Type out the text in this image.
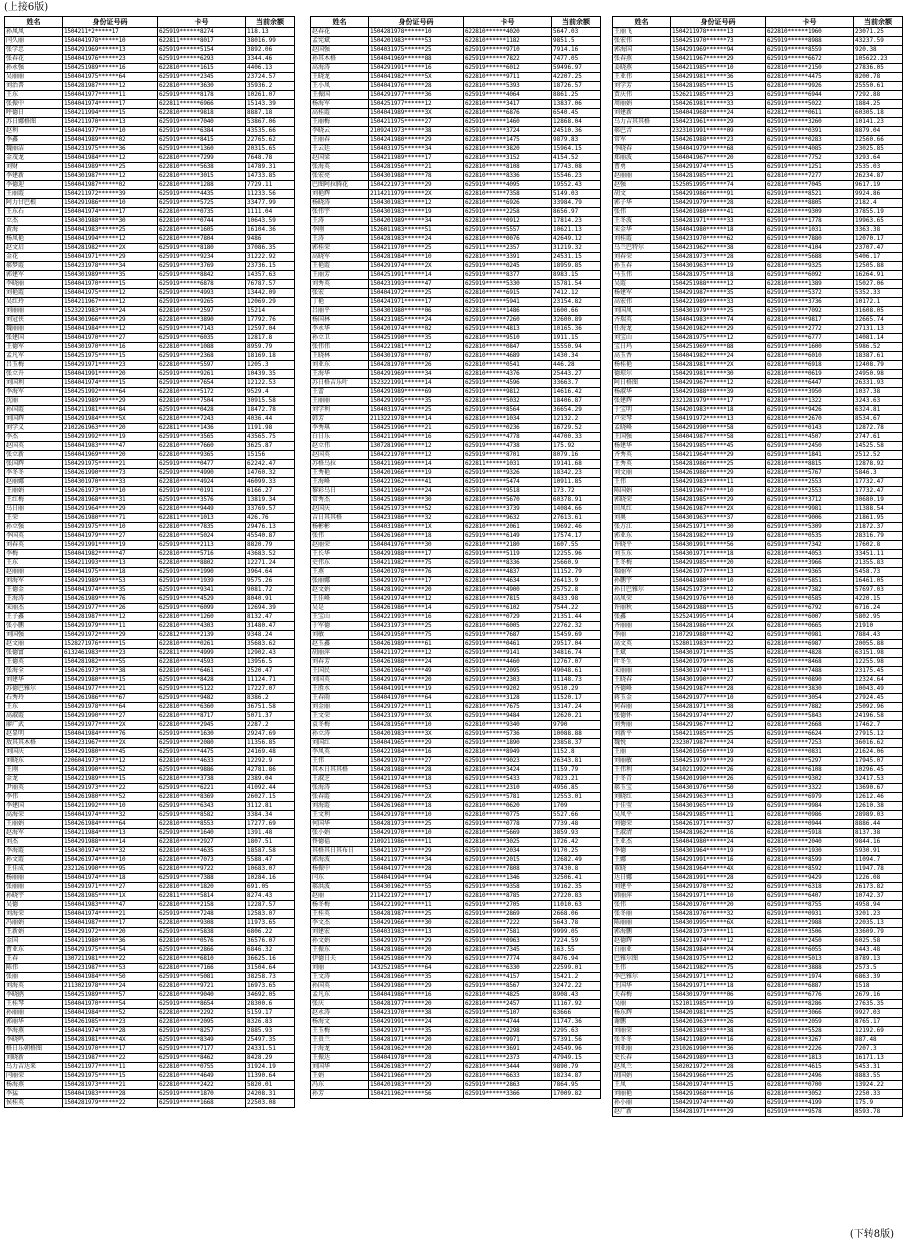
(上接6版)
姓名	身份证号码	卡号	当前余额
孙凤凤	1504211*2*****17	625919******8274	118.13
闫久丽	1504041978******10	622811******8017	38016.99
张学忠	1504291969******13	625919******5154	3892.06
张春花	1504041976******23	625919******6293	3344.46
孙永强	1504251989******16	622810******1615	4406.13
吴丽丽	1504041975******64	625919******2345	23724.57
刘治普	1504281987******12	622810******3630	35936.2
王东	1504041977******11	625919******8178	10261.07
张振中	1504041974******17	622811******6966	15143.39
呼德日	1504211994******15	622810******9818	8887.18
苏日娜格图	1504211970******13	625919******7040	53867.06
赵利	1504041977******10	625919******6384	43535.66
李鑫	1504041989******02	625919******8415	22765.62
魏丽洁	1504231975******36	625919******1360	20315.65
金茂龙	1504041984******12	622810******7299	7648.78
刘财	1504041989******25	622810******5638	14789.31
李建新	1504301987******12	622810******3015	14733.85
李德迎	1504041987******02	622810******1288	7729.11
王丽霞	1504211972******39	625919******4435	11233.56
阿力甘巴根	1504291986******10	625919******5725	33477.99
王东石	1504041974******17	622810******0735	1111.04
立杰	1504301988******30	622810******0744	10643.59
黄海	1504041983******25	622810******1605	16104.36
杨凤艳	1504041994******12	622810******7804	9486
赵文启	1504281982******2X	625919******8180	37086.35
金花	1504041971******29	625919******9234	31222.92
郝梦霞	1504231978******34	625919******3769	23736.15
郭建军	1504301989******35	625919******8842	14357.63
李晓丽	1504041970******15	625919******6878	76787.57
刘艳霞	1504041975******12	625919******4993	13442.09
吴红玲	1504211967******12	625919******9265	12069.29
刘丽丽	1523221983******24	622810******2597	15214
刘冠侠	1504301966******29	622810******3890	17792.76
魏丽丽	1504041984******12	625919******7143	12597.04
张建国	1504041970******27	625919******6035	12817.8
王德军	1504301970******16	622810******1088	8959.79
孟凡军	1504251975******15	625919******2368	18169.18
吕玉梅	1504291971******23	622810******5597	1205.3
张立升	1504041991******20	625919******9261	10439.35
刘国利	1504041974******15	625919******7654	12122.53
李海军	1504251992******64	622810******5172	9529.4
沈丽	1504291989******29	622810******7504	30915.58
孙国霞	1504211981******84	625919******0428	18472.78
刘国辉	1504291984******5X	622810******7243	4036.44
刘学义	2102261963******20	622811******1436	1191.98
李杰	1504291992******19	625919******3565	43565.75
赵国英	1504041983******47	622810******7660	3625.87
张立新	1504041969******20	622810******9365	15156
张国辉	1504291975******21	625919******0477	62242.47
李冬冬	1504261990******73	625919******4990	14760.32
赵丽娜	1504301970******33	622810******4924	46099.33
王丽娟	1504261973******10	625919******0191	6166.27
王红梅	1504281968******31	625919******3576	13819.34
乌日丽	1504291964******29	622810******9449	33769.57
王荣	1504261980******71	622811******1013	426.76
孙立强	1504291975******10	622810******7835	29476.13
李国英	1504041979******27	622810******5024	45540.87
刘春英	1504291991******19	625919******2113	8820.79
李梅	1504041982******47	622810******5716	43683.52
王东	1504211993******13	622810******8802	12271.24
赵丽丽	1504041975******18	625919******1990	3964.64
刘海军	1504291989******53	625919******1939	9575.26
王德金	1504041974******35	625919******9341	9081.72
王海涛	1504261989******76	625919******4529	8040.91
宋丽杰	1504291977******26	625919******6099	12694.39
王子鑫	1504281987******12	622810******1260	8132.47
张小鹏	1504291979******11	622810******4303	31480.47
刘国强	1504291972******29	622812******2139	9348.24
赵文丽	1528271976******15	622810******0261	35683.62
张德富	6132461983******23	622811******4999	12902.43
王德英	1504281982******55	622810******4593	13956.5
张海全	1504261973******38	622810******6461	2520.47
刘建华	1504291980******15	625919******8428	11124.71
苏德巴雅尔	1504041977******21	625919******5122	17227.07
石秀玲	1504261986******67	625919******9482	8386.2
王东	1504291978******64	622810******6360	36751.58
高淑霞	1504291990******27	622810******8717	5071.37
廖广武	1504291977******2X	622810******2945	2287.2
赵显明	1504041984******76	625919******1630	29247.69
敖其其木格	1504231967******2X	625919******2080	11356.85
刘国庆	1504291980******45	625919******4475	24169.48
刘晓东	2206041973******12	622810******4633	12292.9
王刚	1504281990******52	625919******9886	42781.86
金龙	1504221989******15	622810******3738	2389.04
尹丽英	1504291973******22	625919******6221	41092.44
李伟	1504261980******52	622810******8369	26027.15
李建国	1504211992******10	625919******6343	3112.81
高海荣	1504041974******32	625919******8582	3384.34
王丽娟	1504261984******64	622810******8553	17277.69
赵海军	1504211984******13	625919******1640	1391.48
刘杰	1504291988******14	622810******2927	1807.51
李海霞	1504301974******32	622810******4635	18587.58
孙文霞	1504261974******10	622810******7073	5588.47
王佳成	2321261990******95	622810******9722	10683.07
杨丽丽	1504041974******18	625919******7388	10284.16
张丽丽	1504291971******27	622810******1820	691.05
孙晓宇	1504281985******1X	622811******5814	8274.43
吴德	1504041983******47	622810******2158	12287.57
刘海荣	1504041974******21	625919******7248	12583.07
冯丽娟	1504041987******17	622810******9308	11973.65
王新娟	1504291972******20	625919******5838	6806.22
金国	1504211980******36	622810******0576	36576.07
曹亚东	1504291975******54	625919******2866	6846.32
王春	1307211981******22	622810******6810	36625.16
陈伟	1504231987******53	622810******7166	31504.64
张丽	1504041984******50	625919******5081	38258.73
刘海英	2113021978******24	622810******9721	16973.65
李晓鸥	1504251989******57	622810******9040	34692.05
王桂琴	1504041970******54	625919******8654	28300.6
孙丽丽	1504041984******52	622810******2292	5159.17
郭丽华	1504261985******23	622810******2095	8326.83
李海燕	1504041974******28	625919******8257	2885.93
李晓鸣	1504281981******4X	625919******8349	25497.35
格日乐朝格图	1504291970******17	625919******7177	24331.51
刘晓新	1504231987******22	625919******8462	8428.29
乌力吉达来	1504211977******11	622810******0755	31924.19
闫丽荣	1504291975******15	622810******4649	11390.64
杨海燕	1504281973******21	622810******2422	5820.01
李猛	1504041983******28	625919******1870	24208.31
侯桂英	1504281979******22	625919******1668	22503.08
姓名	身份证号码	卡号	当前余额
赵春花	1504281978******10	622810******4020	5647.03
孟宪斌	1504201983******53	622810******1182	9851.5
赵国强	1504031975******25	625919******9710	7914.16
孙其木格	1504041969******88	625919******7822	7477.05
高海涛	1504291991******16	625919******6012	59496.97
王晓龙	1504041982******5X	622810******9711	42207.25
王小凤	1504041976******28	622810******5393	18726.57
王振国	1504291977******36	625919******4064	8861.25
杨海军	1504251977******12	622810******3417	13837.06
高桂霞	1504041989******3X	622810******6876	6540.45
王丽梅	1504211975******27	625919******1460	12868.04
李晓云	2109241973******38	625919******3724	24510.36
王丽春	1504241980******29	622810******1475	9879.83
王云廷	1504031975******34	622810******3820	15964.15
赵国梁	1504211989******17	622810******3152	4154.52
张海英	1504281956******21	622810******8108	17743.08
张宏亮	1504301988******78	622810******8336	15546.23
巴图阿拉腾花	1504221973******29	625919******4095	19552.43
刘艳辉	2114211979******2X	622810******7358	5149.03
杨晓涛	1504301983******12	622810******6926	33984.79
张伟宇	1504301983******19	625919******2258	8656.97
王涛	1504201989******34	622810******0912	17814.23
李刚	1526011983******51	625919******5557	10621.13
王涛	1504281983******24	622810******0076	42649.12
郭桂荣	1504211970******25	625911******2357	31219.32
高晓军	1504281984******10	622810******3391	24531.15
王艳霞	1504291974******2X	625919******0245	18959.85
王丽芳	1504251991******14	625919******8377	8983.15
刘秀英	1504231993******47	625919******5330	15781.54
张宏	1504041972******25	622810******6915	7412.12
丁艳	1504241971******17	625919******5941	23154.82
吕丽平	1504301980******06	622810******1486	1600.66
杨国林	1504231985******24	625919******7260	32600.89
李永华	1504201974******02	625919******4813	10165.36
孙立卫	1504251990******35	622810******9510	1911.15
张伟伟	1504221981******12	622810******0847	15550.94
王晓林	1504301978******07	622810******4689	1430.34
刘亚东	1504281970******26	622810******0541	446.28
王海华	1504291969******34	622810******4376	25443.27
苏日格吉乐叶	1523221991******14	625919******4596	33663.7
王蕾	1504291989******69	625919******9812	14616.42
王丽丽	1504291995******35	622810******5032	18406.87
刘学利	1504031974******25	625919******8564	36654.29
韩芳	2113221978******14	622810******1034	12132.2
李秀琪	1504251996******21	625919******0236	16729.52
白日乐	1504211994******16	625919******4778	44700.33
赵立伟	1307281996******12	625919******4738	175.92
赵国英	1504221970******12	625919******8701	8079.16
苏格乌拉	1504211969******14	622811******1031	19141.68
王秀艳	1504201966******19	625919******9326	18342.23
王海峰	1504221962******41	625919******5474	10911.85
黎彩乌日	1504211969******24	625919******9518	173.72
常秀杰	1504251980******30	622810******5670	60378.91
赵国庆	1504251973******52	622810******3739	14084.66
吉日其其格	1504231986******32	622810******9632	27613.61
杨彬彬	1504031986******1X	622810******2061	19692.46
张伟	1504261960******18	625919******6149	17574.17
赵丽荣	1504041976******30	622810******2180	1607.55
王长华	1504291988******17	625919******5119	12255.96
史伟东	1504211982******75	625919******8336	25660.9
王燕	1504201978******76	622810******4837	11152.79
张丽娜	1504291976******17	622810******4634	26413.9
赵文娟	1504281992******20	622810******4900	25752.8
王佳峰	1504291974******12	622810******7815	8433.98
吴是	1504261986******14	625919******6102	7544.22
王宝山	1504221993******16	622810******0729	21351.44
于军德	1504231973******25	622810******6005	22762.32
刘敏	1504291950******75	625919******7687	15459.69
赵玉鑫	1504261989******61	625919******0461	29517.04
胡丽萍	1504211972******12	625919******9141	34816.74
刘春芳	1504261988******24	625919******4460	12767.07
王国民	1504261966******49	625919******2095	49048.61
刘国英	1504291974******20	625919******2303	11148.73
王胜水	1504041991******19	625919******9202	9510.29
王春雨	1504041970******64	622810******3128	11520.17
刘金丽	1504291972******11	622810******7675	13147.24
王文荣	1504231979******3X	625919******9484	12620.21
袁冬梅	1504281956******10	622810******9340	9790
孙立涛	1504201983******3X	625919******5736	10088.88
刘国红	1504041965******29	625919******1890	23858.37
李凤英	1504221984******16	622810******8949	1152.8
王伟	1504291978******27	625919******9023	26343.81
其木日其其格	1504281988******28	622810******3424	1159.79
王淑芝	1504211974******18	625919******5433	7823.21
张海涛	1504261968******53	622811******2310	4956.85
张春霞	1504291967******2X	625919******5781	12553.01
刘海霞	1504261968******18	622810******0620	1709
王文利	1504291978******10	622810******0775	5527.66
何国华	1504281973******25	625919******0778	7739.48
张小娟	1504291970******10	622810******5669	3859.93
佟德福	2109211986******11	622810******3025	1726.42
其格其日其布日	1504211973******29	625919******2034	9170.25
郭海波	1504211977******34	625919******2015	12682.49
杨振中	1504041977******28	622810******7808	37430.8
闫东	1504041994******94	622810******1346	32506.41
郝洪波	1504301962******55	625919******9358	19162.35
赵丽	2114221972******17	622810******8785	27220.83
杨冬梅	1504221992******11	625919******2705	11010.63
王桂英	1504281987******25	625919******2869	2668.06
李文杰	1504291966******30	622810******7222	5643.78
刘建宏	1504031983******13	625919******7581	9999.05
孙文娟	1504291975******29	625919******0963	7224.59
王振东	1504281986******20	622810******7345	163.55
伊德日夫	1504251986******79	625919******7774	8476.94
刘丽	1432521985******64	622810******6330	22599.01
王文涛	1504281966******35	622810******4157	15421.2
孙国英	1504291986******29	625919******8567	32472.22
孟凡东	1504041986******16	622810******4825	8908.43
张庆	1504281977******20	622810******2457	11167.92
赵永涛	1504231970******38	625919******5107	63666
杨海文	1504291991******24	622810******4744	11747.36
王玉梅	1504291971******35	622810******2298	2295.63
王贵兰	1504281971******20	622810******9971	57391.56
于海龙	1504281962******20	622810******3691	24549.96
王振达	1504041978******28	622811******2373	47949.15
刘国华	1504261983******27	622810******3444	9890.79
王娟	1504211966******29	622810******6633	18234.87
冯东	1504201983******29	625919******2863	7864.95
孙芳	1504211962******56	625919******3366	17009.82
姓名	身份证号码	卡号	当前余额
王丽飞	1504211978******13	622810******1960	23071.25
张宏伟	1504251970******73	625919******8988	43237.59
郭海国	1504291969******94	625919******8559	920.38
张春燕	1504211967******29	625919******6672	105622.23
姜晓燕	1504211985******10	622810******2150	27836.05
王亚伟	1504291981******36	622810******4475	8200.78
刘学芳	1504281985******15	622810******9926	25550.61
贾庆伟	1526211985******23	625919******6944	7292.88
周丽娟	1504261981******33	625919******5022	1884.25
刘建新	1504041968******24	622812******0611	60305.18
乌力吉其其格	1504231961******29	625919******3260	10141.23
郝巴音	2323101991******09	625919******0391	8879.04
常军	1504261988******23	625919******0283	12560.66
李晓春	1504041979******68	625919******4085	23025.85
郑丽波	1504041967******20	622810******7752	3293.64
曹勇	1504291974******15	625919******1251	2535.03
赵丽丽	1504281985******21	622810******7277	26234.87
赵强	1525051995******74	622810******7045	9617.19
胡文	1504291986******91	625919******8521	9924.86
郭子华	1504291979******28	622810******8805	2182.4
张伟	1504201980******41	622810******9309	37855.19
王冬波	1504281971******33	625919******1778	19963.65
宋金华	1504041980******18	625919******1031	3363.38
刘桂霞	1504231970******62	625919******7880	12070.17
乌兰巴特尔	1504231962******38	622810******4104	23707.47
刘春荣	1504281973******28	622810******5688	5406.17
孙玉春	1504301963******19	622810******9325	12505.88
马玉伟	1504281975******18	625919******6092	16264.91
吴霞	1504251988******12	622810******1389	15027.06
杨建军	1504291987******35	625919******5372	5352.33
高宏伟	1504221989******33	625919******3736	10172.1
刘国凤	1504301979******25	625919******7092	31608.05
齐瑞英	1504041983******74	622810******9817	12665.74
任海龙	1504201982******29	625919******2772	27131.13
刘宝山	1504281975******12	625919******6777	14081.14
宝日玛	1504251969******88	625919******1600	5986.52
高玉香	1504041982******24	622810******6010	18387.61
杨桂艳	1504281981******2X	622810******6918	12408.79
德琼尔	1504291981******30	622810******0619	24950.98
阿日格图	1504291967******12	622810******6447	26331.93
杨淑华	1504291988******39	625919******3950	1037.38
张建辉	2321281979******17	622810******1322	3243.63
于宝明	1504201983******18	625919******9426	6324.81
卢荣琴	1504191972******13	622810******2670	8534.67
孟晓峰	1504291990******58	625919******0143	12872.78
王国强	1504041987******58	622811******4507	2747.61
杨建华	1504291985******45	625919******2450	14525.58
齐秀英	1504211964******29	625919******1841	2512.52
王秀英	1504281986******25	622810******8815	12878.92
刘文丽	1504261986******29	622810******5767	5846.3
王伟	1504291983******11	622810******2553	17732.47
陈国娟	1504191967******10	622810******2553	17732.47
郭晓荣	1504281985******29	625919******3712	30680.19
田凤红	1504261987******2X	622810******9981	11388.54
刘奥	1504301963******37	622810******9006	21861.95
张万江	1504251971******30	625919******5309	21872.37
郭亚东	1504281982******19	622810******0535	28316.79
许晓平	1504301991******56	625919******7342	17602.8
刘玉东	1504301971******18	622810******4053	33451.11
王冬梅	1504291985******20	622810******3966	21355.83
瑞丽军	1504261977******13	622810******9365	5458.73
孙鹏宇	1504041980******10	625919******5851	16461.05
孙日巴雅尔	1504251973******12	622810******7382	57697.03
高凤荣	1504291976******10	625919******0585	4220.15
许丽秋	1504291988******15	625919******6792	6716.24
张鑫	1525241995******14	622810******6007	5802.95
齐丽丽	1504281986******2X	622810******0665	21910
李丽	2107291988******42	625919******0981	7884.43
高文英	1528011983******22	622810******6987	20055.88
王斌	1504301971******35	622810******4828	63151.98
叶冬生	1504201979******26	625919******8468	12255.98
宋丽丽	1504301974******13	625919******7488	23175.45
王晓春	1504301990******27	625919******0890	12324.64
齐德峰	1504291987******28	622810******3830	10043.49
蒋玉金	1504291977******10	625919******3054	27924.45
何春丽	1504281971******38	625919******7882	25092.96
张德怀	1504291974******27	625919******5843	24196.58
刘秀丽	1504291967******12	622810******2668	17462.7
刘新平	1504211985******25	625919******6624	27915.12
魏悦	2323071987******24	625919******7253	36016.62
王丽	1504201956******19	625919******0831	21624.06
刘丽敏	1504251979******29	622810******5297	17945.07
王伟利	3410211992******26	622810******6108	10296.45
于冬青	1504201990******26	625919******9302	32417.53
郝玉宝	1504301976******50	625919******3322	13690.67
刘晓红	1504291963******13	625919******6979	12612.46
于佳莹	1504301965******19	625919******9984	12610.38
吴凤平	1504291985******11	622810******0986	28989.03
刘德荣	1504261971******37	622810******0944	8886.44
王淑清	1504281962******16	622810******5918	8137.38
王亚杰	1504041980******24	622810******2040	9844.16
李德	1504301964******19	625919******1930	5930.91
王娜	1504291991******16	622810******8599	11094.7
董晓	1504281964******4X	622810******8592	11947.78
达日娜	1504281991******28	625919******9429	1226.08
刘建平	1504291978******32	625919******6318	26173.82
韩丽萍	1504291971******10	625919******6407	10742.37
张伟	1504201976******20	625919******8755	4958.94
张冬丽	1504281976******32	625919******0931	3201.23
陈丽丽	1504301995******6X	622811******2988	22035.13
郭海鹏	1504281973******11	622810******3506	33609.79
赵德辉	1504211974******12	622810******2450	6025.58
白丽亚	1504281984******24	622810******6055	3443.48
巴雅尔图	1504281975******12	622810******5013	8789.13
王伟	1504211982******75	622810******3888	2573.5
李巴雅尔	1504291971******12	625919******1974	6863.39
王国华	1504291971******18	622810******6887	1518
关春梅	1504301979******06	625919******6776	2679.16
吴丽	1521011985******19	625919******8286	27635.35
杨东辉	1504201981******25	625919******3066	9927.03
谢鹏	1504201963******26	625919******2059	8765.17
刘丽荣	1504201983******38	625919******5528	12192.69
张冬冬	1504211989******16	622810******3267	887.48
刘亚丽	2310261990******36	622810******2226	7207.3
史长春	1504291989******13	622810******1813	16171.13
赵凤兰	1502021972******28	622810******4615	5453.31
胡国娟	1504291966******25	622810******2496	8883.55
王凤	1504201974******15	622810******0700	13924.22
刘丽艳	1504291968******16	622810******3052	2250.33
孙小丽	1504291974******49	625919******4199	175.9
赵广新	1504281971******29	625919******9578	8593.78
(下转8版)
